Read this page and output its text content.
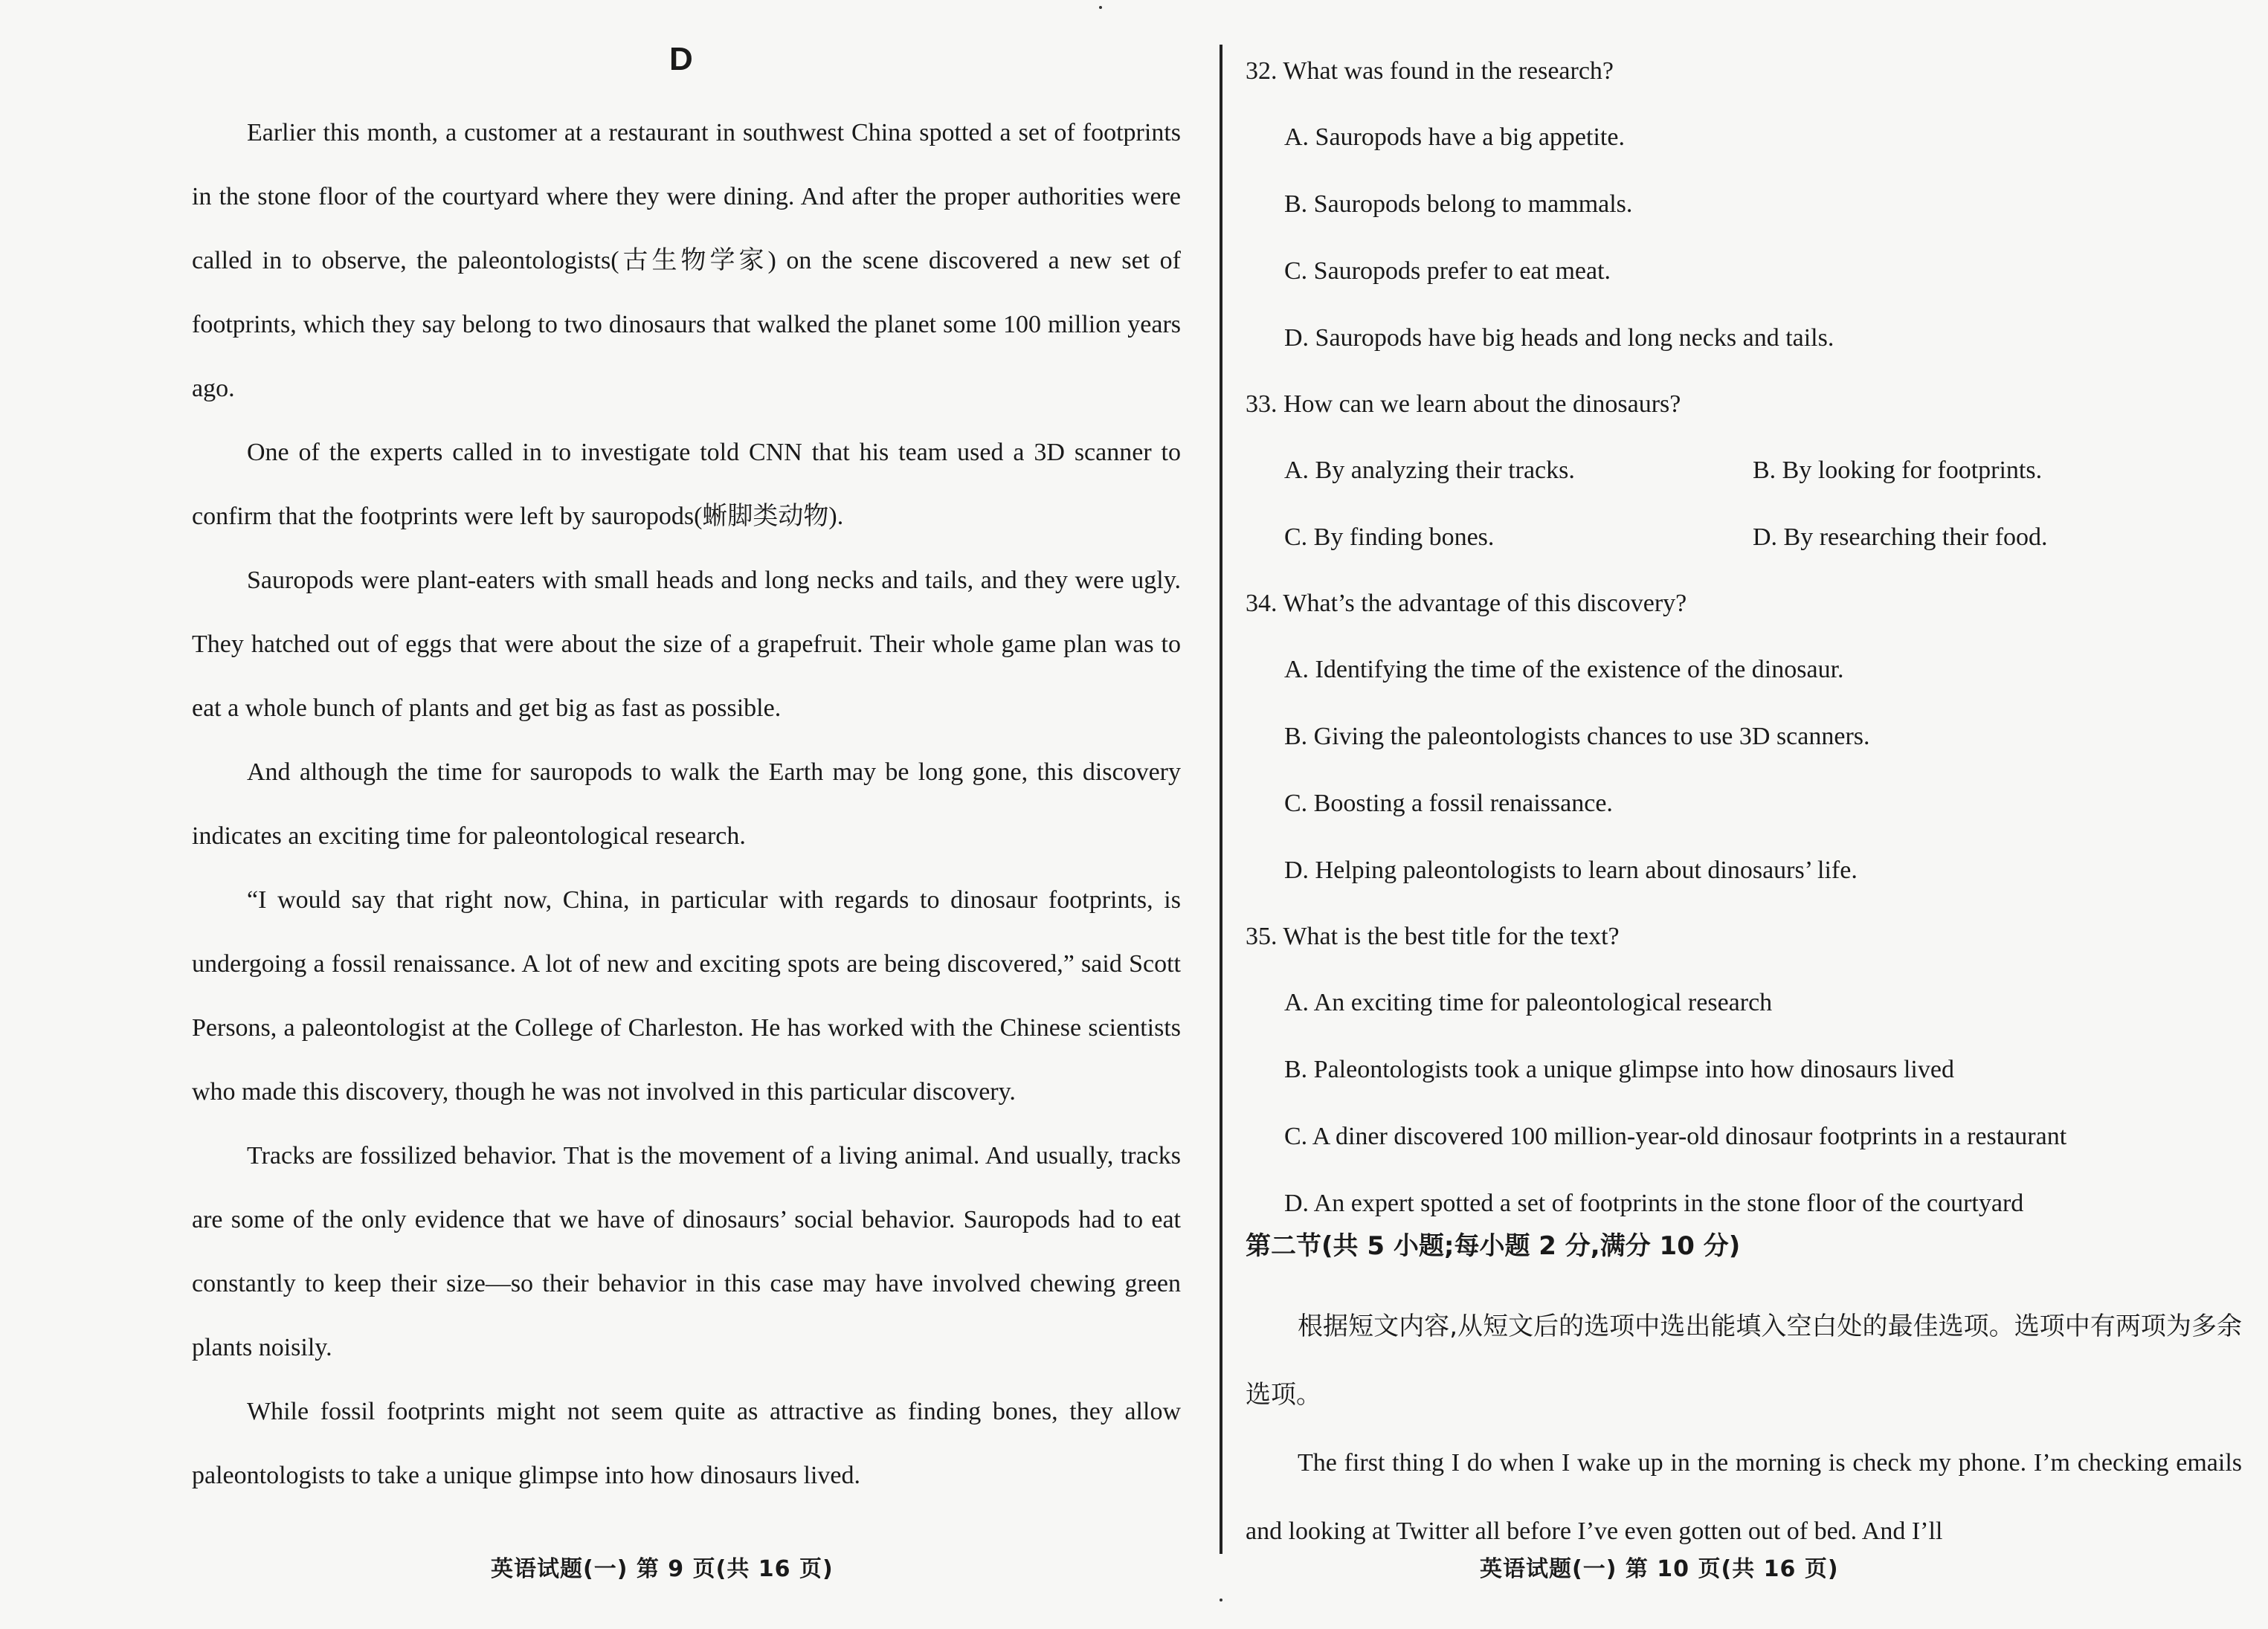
D

Earlier this month, a customer at a restaurant in southwest China spotted a set of footprints in the stone floor of the courtyard where they were dining. And after the proper authorities were called in to observe, the paleontologists(古生物学家) on the scene discovered a new set of footprints, which they say belong to two dinosaurs that walked the planet some 100 million years ago.

One of the experts called in to investigate told CNN that his team used a 3D scanner to confirm that the footprints were left by sauropods(蜥脚类动物).

Sauropods were plant-eaters with small heads and long necks and tails, and they were ugly. They hatched out of eggs that were about the size of a grapefruit. Their whole game plan was to eat a whole bunch of plants and get big as fast as possible.

And although the time for sauropods to walk the Earth may be long gone, this discovery indicates an exciting time for paleontological research.

“I would say that right now, China, in particular with regards to dinosaur footprints, is undergoing a fossil renaissance. A lot of new and exciting spots are being discovered,” said Scott Persons, a paleontologist at the College of Charleston. He has worked with the Chinese scientists who made this discovery, though he was not involved in this particular discovery.

Tracks are fossilized behavior. That is the movement of a living animal. And usually, tracks are some of the only evidence that we have of dinosaurs’ social behavior. Sauropods had to eat constantly to keep their size—so their behavior in this case may have involved chewing green plants noisily.

While fossil footprints might not seem quite as attractive as finding bones, they allow paleontologists to take a unique glimpse into how dinosaurs lived.

英语试题(一) 第 9 页(共 16 页)

32. What was found in the research?

A. Sauropods have a big appetite.

B. Sauropods belong to mammals.

C. Sauropods prefer to eat meat.

D. Sauropods have big heads and long necks and tails.

33. How can we learn about the dinosaurs?

A. By analyzing their tracks.	B. By looking for footprints.

C. By finding bones.	D. By researching their food.

34. What’s the advantage of this discovery?

A. Identifying the time of the existence of the dinosaur.

B. Giving the paleontologists chances to use 3D scanners.

C. Boosting a fossil renaissance.

D. Helping paleontologists to learn about dinosaurs’ life.

35. What is the best title for the text?

A. An exciting time for paleontological research

B. Paleontologists took a unique glimpse into how dinosaurs lived

C. A diner discovered 100 million-year-old dinosaur footprints in a restaurant

D. An expert spotted a set of footprints in the stone floor of the courtyard

第二节(共 5 小题;每小题 2 分,满分 10 分)

根据短文内容,从短文后的选项中选出能填入空白处的最佳选项。选项中有两项为多余选项。

The first thing I do when I wake up in the morning is check my phone. I’m checking emails and looking at Twitter all before I’ve even gotten out of bed. And I’ll

英语试题(一) 第 10 页(共 16 页)
